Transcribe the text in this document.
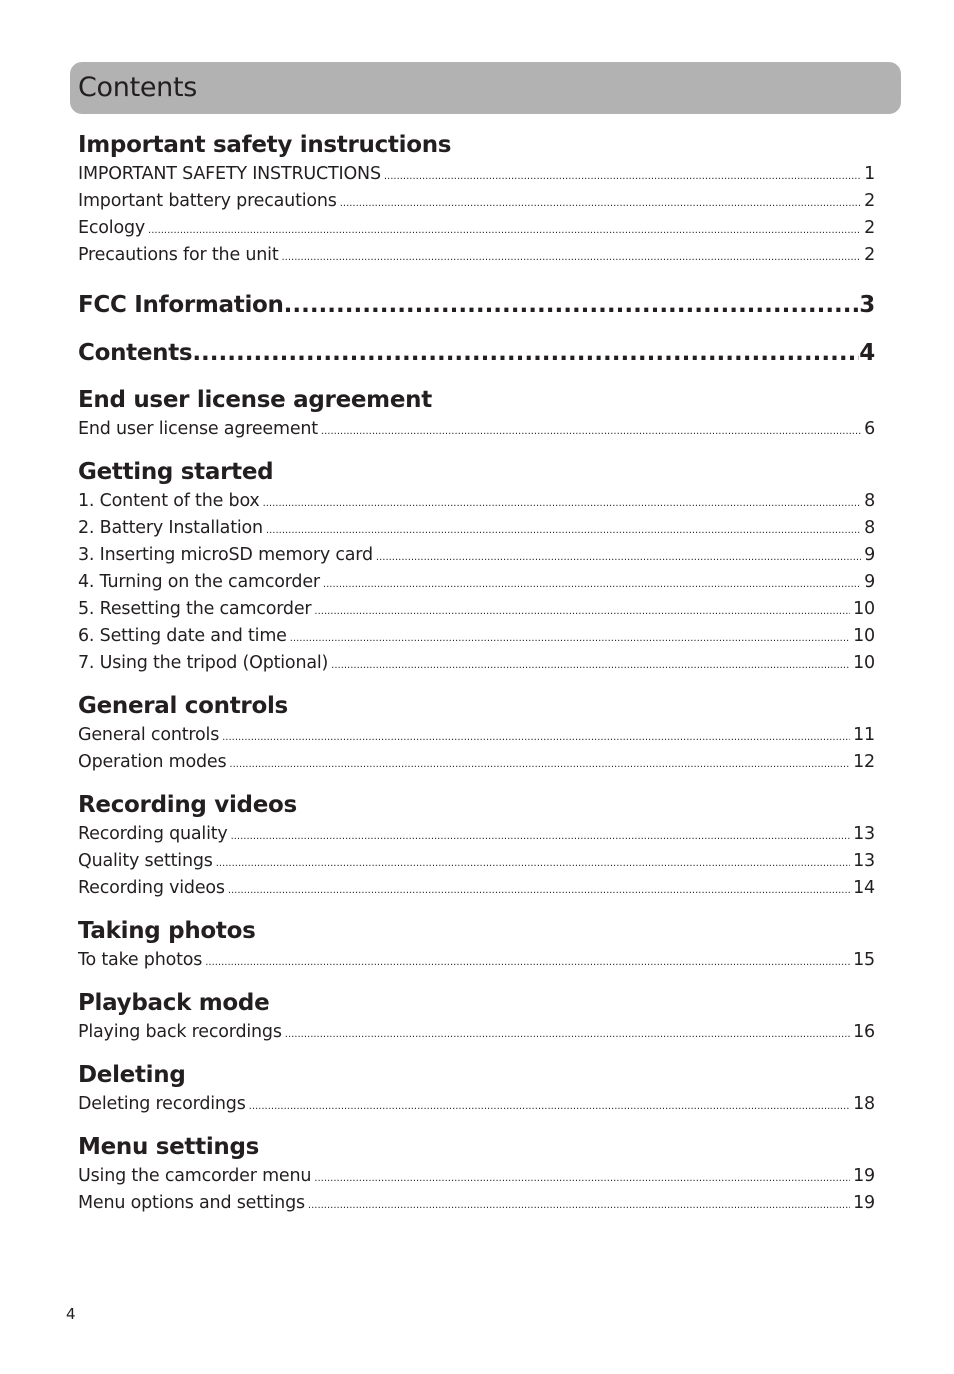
Contents
Important safety instructions
IMPORTANT SAFETY INSTRUCTIONS .....	1
Important battery precautions .....	2
Ecology .....	2
Precautions for the unit .....	2
FCC Information .....	3
Contents .....	4
End user license agreement
End user license agreement .....	6
Getting started
1. Content of the box .....	8
2. Battery Installation .....	8
3. Inserting microSD memory card .....	9
4. Turning on the camcorder .....	9
5. Resetting the camcorder .....	10
6. Setting date and time .....	10
7. Using the tripod (Optional) .....	10
General controls
General controls .....	11
Operation modes .....	12
Recording videos
Recording quality .....	13
Quality settings .....	13
Recording videos .....	14
Taking photos
To take photos .....	15
Playback mode
Playing back recordings .....	16
Deleting
Deleting recordings .....	18
Menu settings
Using the camcorder menu .....	19
Menu options and settings .....	19
4
